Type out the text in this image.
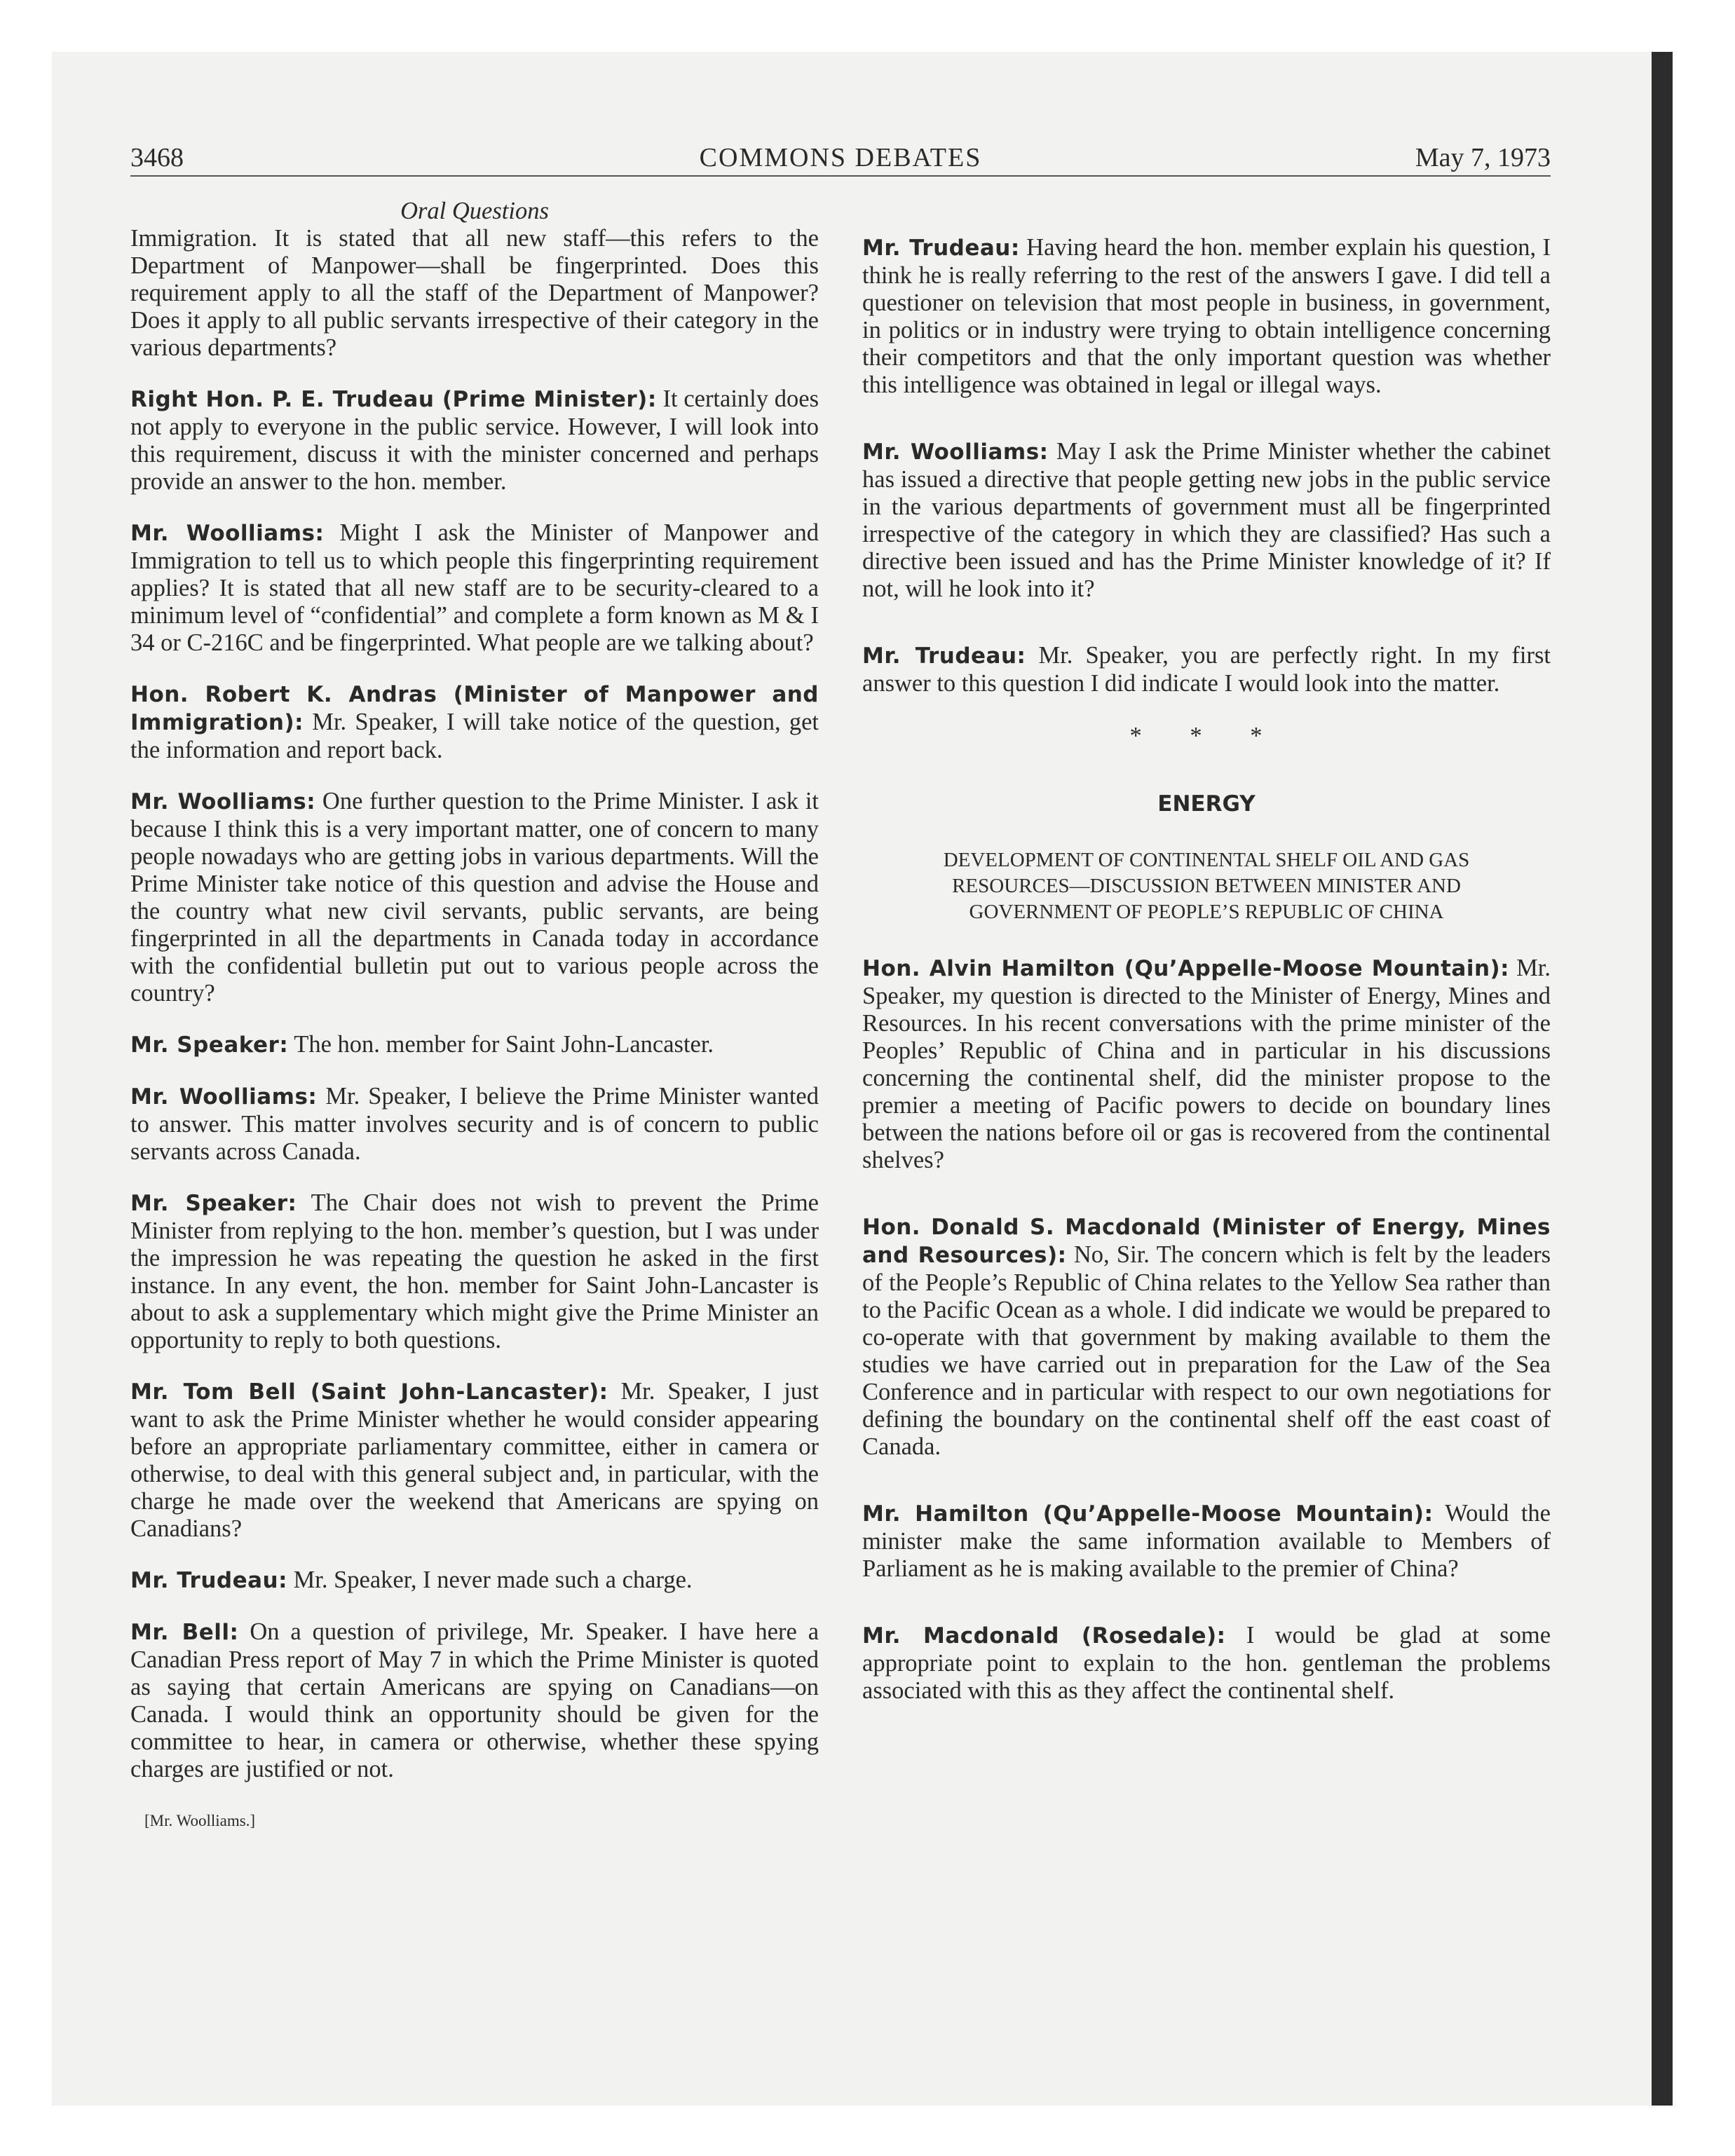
3468	COMMONS DEBATES	May 7, 1973
Oral Questions

Immigration. It is stated that all new staff—this refers to the Department of Manpower—shall be fingerprinted. Does this requirement apply to all the staff of the Department of Manpower? Does it apply to all public servants irrespective of their category in the various departments?

Right Hon. P. E. Trudeau (Prime Minister): It certainly does not apply to everyone in the public service. However, I will look into this requirement, discuss it with the minister concerned and perhaps provide an answer to the hon. member.

Mr. Woolliams: Might I ask the Minister of Manpower and Immigration to tell us to which people this fingerprinting requirement applies? It is stated that all new staff are to be security-cleared to a minimum level of “confidential” and complete a form known as M & I 34 or C-216C and be fingerprinted. What people are we talking about?

Hon. Robert K. Andras (Minister of Manpower and Immigration): Mr. Speaker, I will take notice of the question, get the information and report back.

Mr. Woolliams: One further question to the Prime Minister. I ask it because I think this is a very important matter, one of concern to many people nowadays who are getting jobs in various departments. Will the Prime Minister take notice of this question and advise the House and the country what new civil servants, public servants, are being fingerprinted in all the departments in Canada today in accordance with the confidential bulletin put out to various people across the country?

Mr. Speaker: The hon. member for Saint John-Lancaster.

Mr. Woolliams: Mr. Speaker, I believe the Prime Minister wanted to answer. This matter involves security and is of concern to public servants across Canada.

Mr. Speaker: The Chair does not wish to prevent the Prime Minister from replying to the hon. member’s question, but I was under the impression he was repeating the question he asked in the first instance. In any event, the hon. member for Saint John-Lancaster is about to ask a supplementary which might give the Prime Minister an opportunity to reply to both questions.

Mr. Tom Bell (Saint John-Lancaster): Mr. Speaker, I just want to ask the Prime Minister whether he would consider appearing before an appropriate parliamentary committee, either in camera or otherwise, to deal with this general subject and, in particular, with the charge he made over the weekend that Americans are spying on Canadians?

Mr. Trudeau: Mr. Speaker, I never made such a charge.

Mr. Bell: On a question of privilege, Mr. Speaker. I have here a Canadian Press report of May 7 in which the Prime Minister is quoted as saying that certain Americans are spying on Canadians—on Canada. I would think an opportunity should be given for the committee to hear, in camera or otherwise, whether these spying charges are justified or not.

[Mr. Woolliams.]

Mr. Trudeau: Having heard the hon. member explain his question, I think he is really referring to the rest of the answers I gave. I did tell a questioner on television that most people in business, in government, in politics or in industry were trying to obtain intelligence concerning their competitors and that the only important question was whether this intelligence was obtained in legal or illegal ways.

Mr. Woolliams: May I ask the Prime Minister whether the cabinet has issued a directive that people getting new jobs in the public service in the various departments of government must all be fingerprinted irrespective of the category in which they are classified? Has such a directive been issued and has the Prime Minister knowledge of it? If not, will he look into it?

Mr. Trudeau: Mr. Speaker, you are perfectly right. In my first answer to this question I did indicate I would look into the matter.

* * *
ENERGY
DEVELOPMENT OF CONTINENTAL SHELF OIL AND GAS RESOURCES—DISCUSSION BETWEEN MINISTER AND GOVERNMENT OF PEOPLE’S REPUBLIC OF CHINA

Hon. Alvin Hamilton (Qu’Appelle-Moose Mountain): Mr. Speaker, my question is directed to the Minister of Energy, Mines and Resources. In his recent conversations with the prime minister of the Peoples’ Republic of China and in particular in his discussions concerning the continental shelf, did the minister propose to the premier a meeting of Pacific powers to decide on boundary lines between the nations before oil or gas is recovered from the continental shelves?

Hon. Donald S. Macdonald (Minister of Energy, Mines and Resources): No, Sir. The concern which is felt by the leaders of the People’s Republic of China relates to the Yellow Sea rather than to the Pacific Ocean as a whole. I did indicate we would be prepared to co-operate with that government by making available to them the studies we have carried out in preparation for the Law of the Sea Conference and in particular with respect to our own negotiations for defining the boundary on the continental shelf off the east coast of Canada.

Mr. Hamilton (Qu’Appelle-Moose Mountain): Would the minister make the same information available to Members of Parliament as he is making available to the premier of China?

Mr. Macdonald (Rosedale): I would be glad at some appropriate point to explain to the hon. gentleman the problems associated with this as they affect the continental shelf.
